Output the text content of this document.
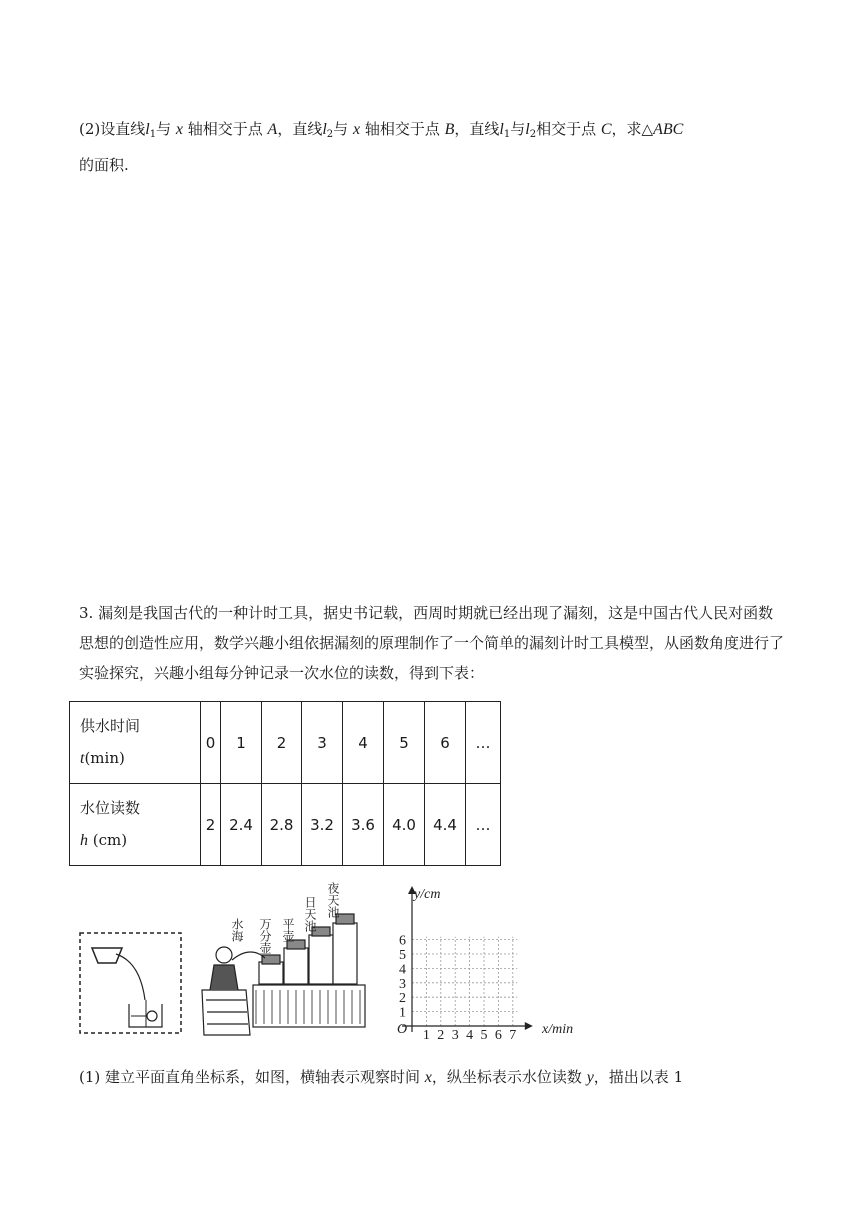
(2)设直线$l_1$与 x 轴相交于点 A，直线$l_2$与 x 轴相交于点 B，直线$l_1$与$l_2$相交于点 C，求△ABC
的面积.

3. 漏刻是我国古代的一种计时工具，据史书记载，西周时期就已经出现了漏刻，这是中国古代人民对函数思想的创造性应用，数学兴趣小组依据漏刻的原理制作了一个简单的漏刻计时工具模型，从函数角度进行了实验探究，兴趣小组每分钟记录一次水位的读数，得到下表：

供水时间
t(min)	0	1	2	3	4	5	6	…
水位读数
h (cm)	2	2.4	2.8	3.2	3.6	4.0	4.4	…
水海 万分壶 平壶 日天池 夜天池
1 2 3 4 5 6 7
1
2
3
4
5
6
y/cm
x/min
O

(1) 建立平面直角坐标系，如图，横轴表示观察时间 x，纵坐标表示水位读数 y，描出以表 1
